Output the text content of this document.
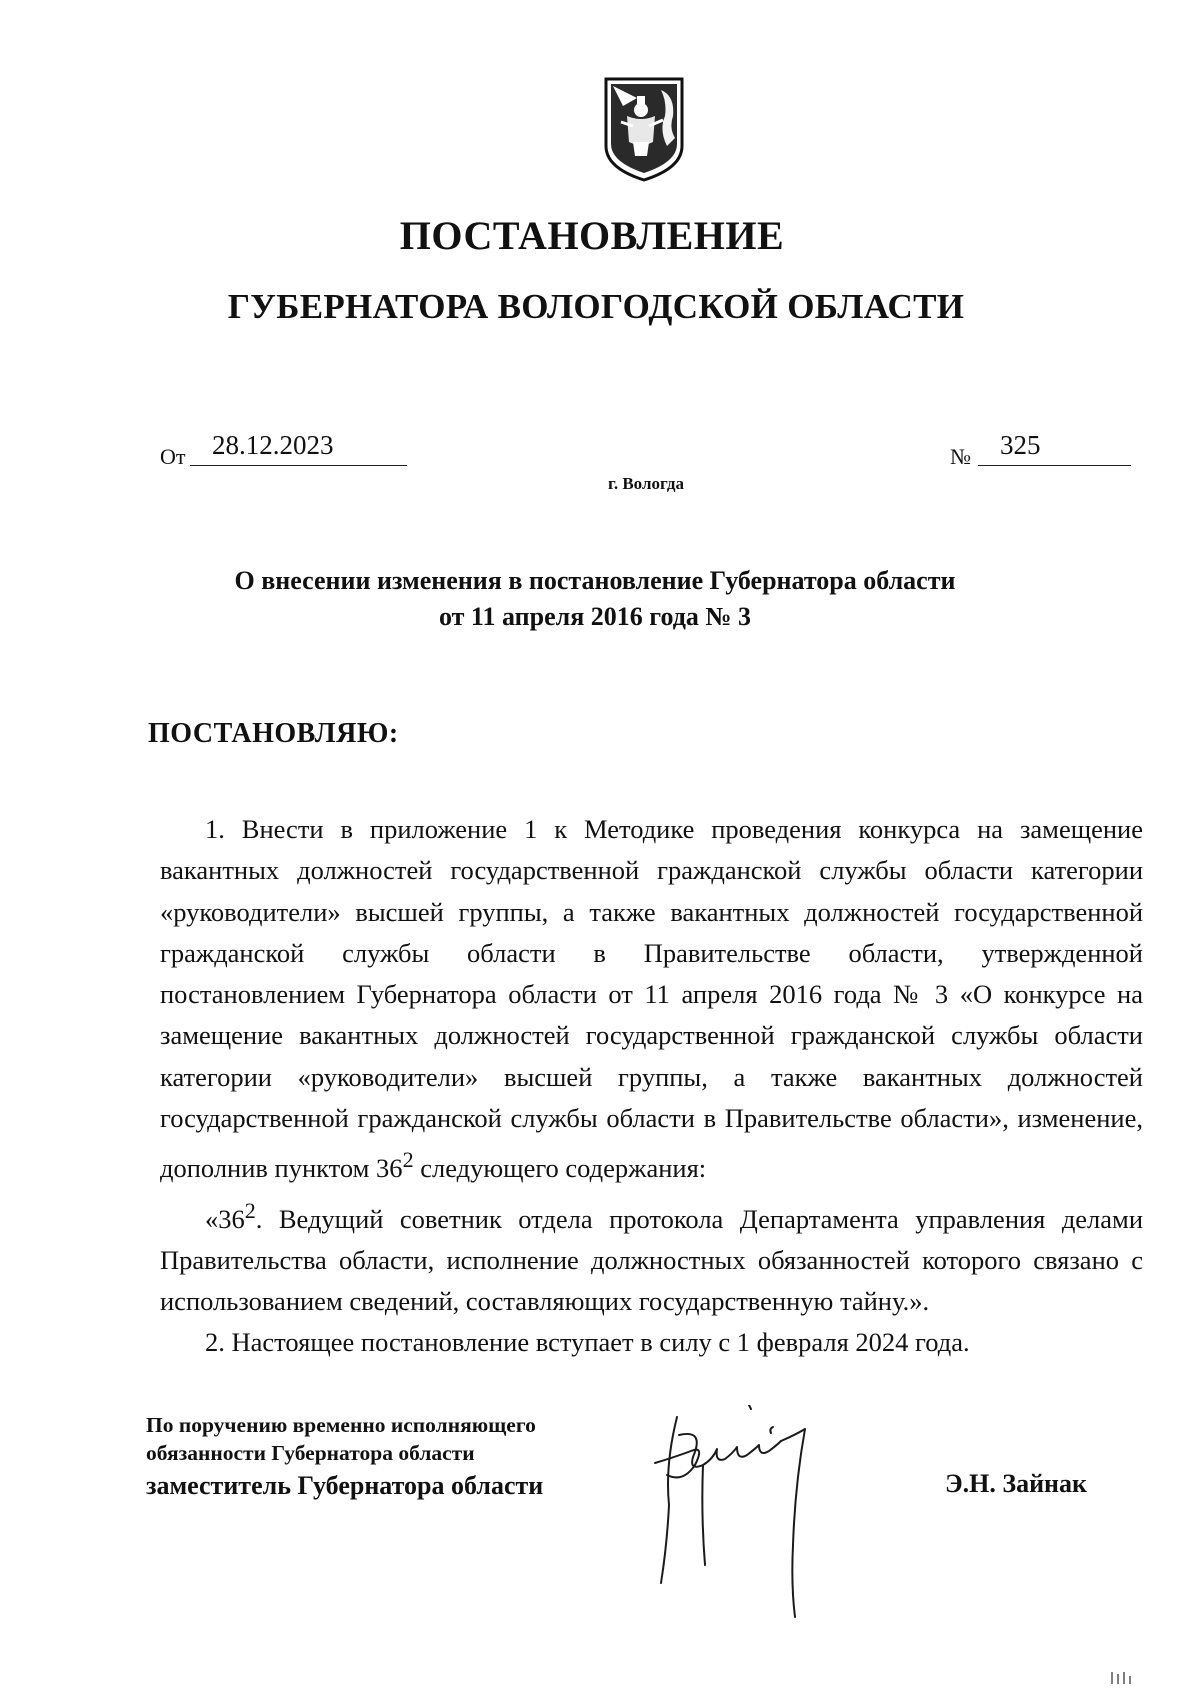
ПОСТАНОВЛЕНИЕ
ГУБЕРНАТОРА ВОЛОГОДСКОЙ ОБЛАСТИ
От 28.12.2023	№	325
г. Вологда
О внесении изменения в постановление Губернатора области
от 11 апреля 2016 года № 3
ПОСТАНОВЛЯЮ:

1. Внести в приложение 1 к Методике проведения конкурса на замещение вакантных должностей государственной гражданской службы области категории «руководители» высшей группы, а также вакантных должностей государственной гражданской службы области в Правительстве области, утвержденной постановлением Губернатора области от 11 апреля 2016 года № 3 «О конкурсе на замещение вакантных должностей государственной гражданской службы области категории «руководители» высшей группы, а также вакантных должностей государственной гражданской службы области в Правительстве области», изменение, дополнив пунктом $36^2$ следующего содержания:

«$36^2$. Ведущий советник отдела протокола Департамента управления делами Правительства области, исполнение должностных обязанностей которого связано с использованием сведений, составляющих государственную тайну.».

2. Настоящее постановление вступает в силу с 1 февраля 2024 года.

По поручению временно исполняющего
обязанности Губернатора области
заместитель Губернатора области	Э.Н. Зайнак
